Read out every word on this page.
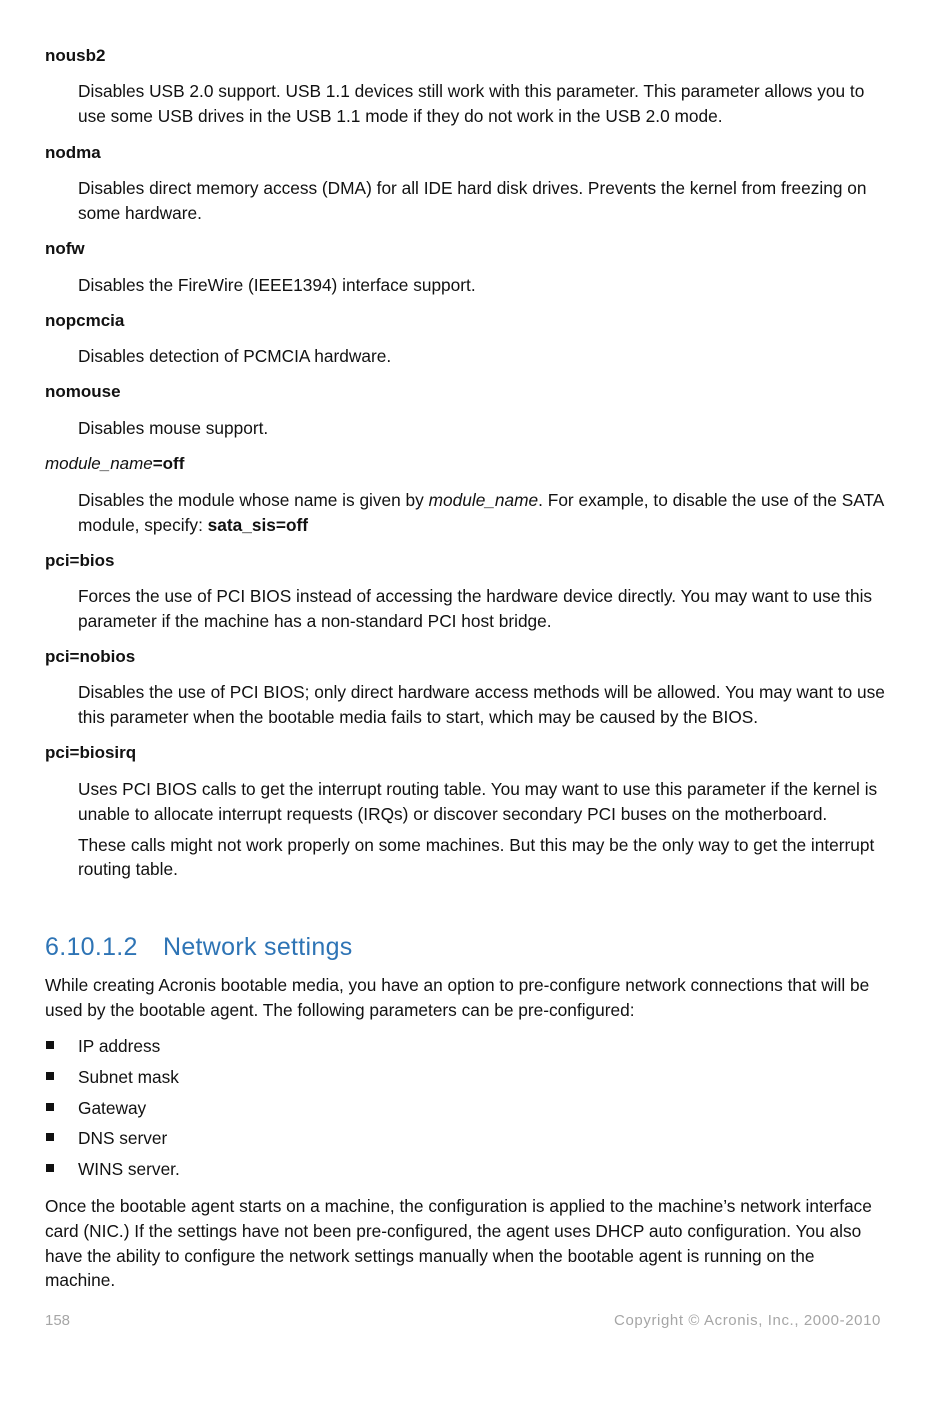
nousb2
Disables USB 2.0 support. USB 1.1 devices still work with this parameter. This parameter allows you to use some USB drives in the USB 1.1 mode if they do not work in the USB 2.0 mode.
nodma
Disables direct memory access (DMA) for all IDE hard disk drives. Prevents the kernel from freezing on some hardware.
nofw
Disables the FireWire (IEEE1394) interface support.
nopcmcia
Disables detection of PCMCIA hardware.
nomouse
Disables mouse support.
module_name=off
Disables the module whose name is given by module_name. For example, to disable the use of the SATA module, specify: sata_sis=off
pci=bios
Forces the use of PCI BIOS instead of accessing the hardware device directly. You may want to use this parameter if the machine has a non-standard PCI host bridge.
pci=nobios
Disables the use of PCI BIOS; only direct hardware access methods will be allowed. You may want to use this parameter when the bootable media fails to start, which may be caused by the BIOS.
pci=biosirq

Uses PCI BIOS calls to get the interrupt routing table. You may want to use this parameter if the kernel is unable to allocate interrupt requests (IRQs) or discover secondary PCI buses on the motherboard.

These calls might not work properly on some machines. But this may be the only way to get the interrupt routing table.

6.10.1.2 Network settings
While creating Acronis bootable media, you have an option to pre-configure network connections that will be used by the bootable agent. The following parameters can be pre-configured:
IP address
Subnet mask
Gateway
DNS server
WINS server.
Once the bootable agent starts on a machine, the configuration is applied to the machine’s network interface card (NIC.) If the settings have not been pre-configured, the agent uses DHCP auto configuration. You also have the ability to configure the network settings manually when the bootable agent is running on the machine.
158	Copyright © Acronis, Inc., 2000-2010
